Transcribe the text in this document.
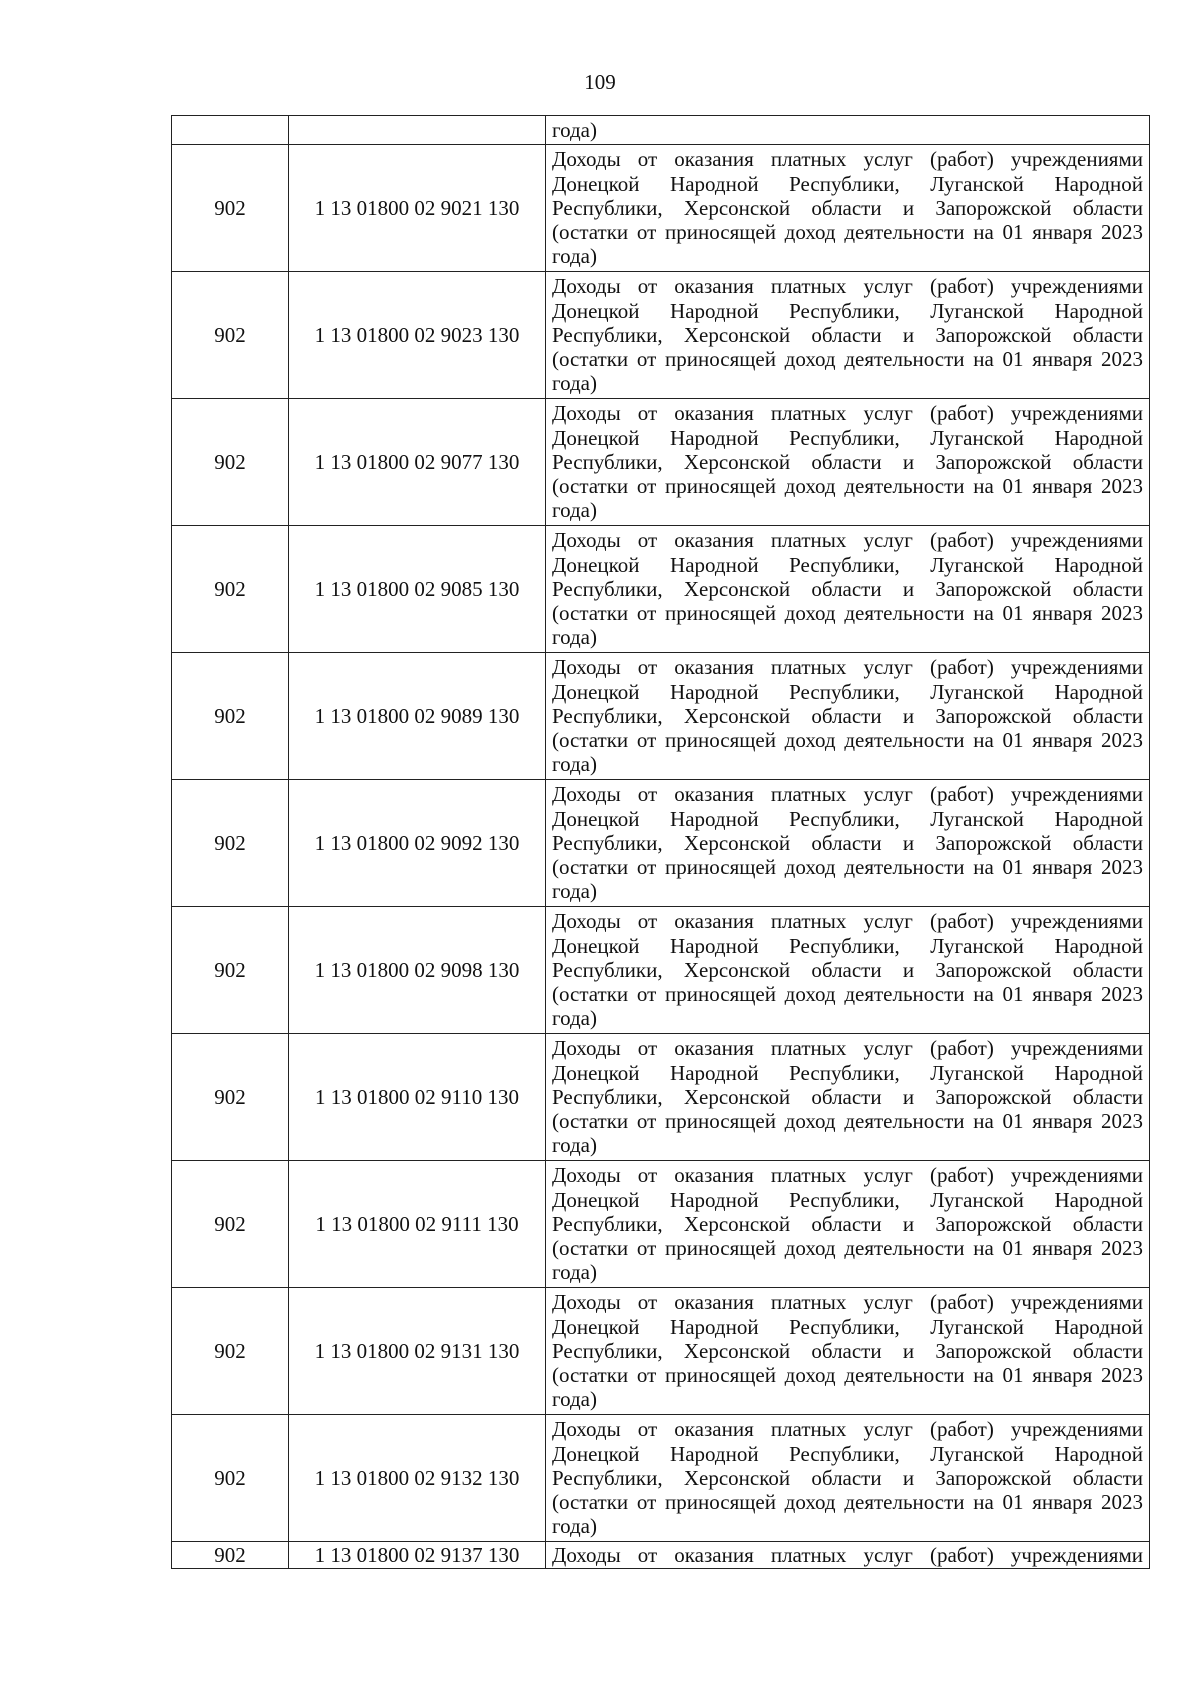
109
		года)
902	1 13 01800 02 9021 130	Доходы от оказания платных услуг (работ) учреждениями Донецкой Народной Республики, Луганской Народной Республики, Херсонской области и Запорожской области (остатки от приносящей доход деятельности на 01 января 2023 года)
902	1 13 01800 02 9023 130	Доходы от оказания платных услуг (работ) учреждениями Донецкой Народной Республики, Луганской Народной Республики, Херсонской области и Запорожской области (остатки от приносящей доход деятельности на 01 января 2023 года)
902	1 13 01800 02 9077 130	Доходы от оказания платных услуг (работ) учреждениями Донецкой Народной Республики, Луганской Народной Республики, Херсонской области и Запорожской области (остатки от приносящей доход деятельности на 01 января 2023 года)
902	1 13 01800 02 9085 130	Доходы от оказания платных услуг (работ) учреждениями Донецкой Народной Республики, Луганской Народной Республики, Херсонской области и Запорожской области (остатки от приносящей доход деятельности на 01 января 2023 года)
902	1 13 01800 02 9089 130	Доходы от оказания платных услуг (работ) учреждениями Донецкой Народной Республики, Луганской Народной Республики, Херсонской области и Запорожской области (остатки от приносящей доход деятельности на 01 января 2023 года)
902	1 13 01800 02 9092 130	Доходы от оказания платных услуг (работ) учреждениями Донецкой Народной Республики, Луганской Народной Республики, Херсонской области и Запорожской области (остатки от приносящей доход деятельности на 01 января 2023 года)
902	1 13 01800 02 9098 130	Доходы от оказания платных услуг (работ) учреждениями Донецкой Народной Республики, Луганской Народной Республики, Херсонской области и Запорожской области (остатки от приносящей доход деятельности на 01 января 2023 года)
902	1 13 01800 02 9110 130	Доходы от оказания платных услуг (работ) учреждениями Донецкой Народной Республики, Луганской Народной Республики, Херсонской области и Запорожской области (остатки от приносящей доход деятельности на 01 января 2023 года)
902	1 13 01800 02 9111 130	Доходы от оказания платных услуг (работ) учреждениями Донецкой Народной Республики, Луганской Народной Республики, Херсонской области и Запорожской области (остатки от приносящей доход деятельности на 01 января 2023 года)
902	1 13 01800 02 9131 130	Доходы от оказания платных услуг (работ) учреждениями Донецкой Народной Республики, Луганской Народной Республики, Херсонской области и Запорожской области (остатки от приносящей доход деятельности на 01 января 2023 года)
902	1 13 01800 02 9132 130	Доходы от оказания платных услуг (работ) учреждениями Донецкой Народной Республики, Луганской Народной Республики, Херсонской области и Запорожской области (остатки от приносящей доход деятельности на 01 января 2023 года)
902	1 13 01800 02 9137 130	Доходы от оказания платных услуг (работ) учреждениями
